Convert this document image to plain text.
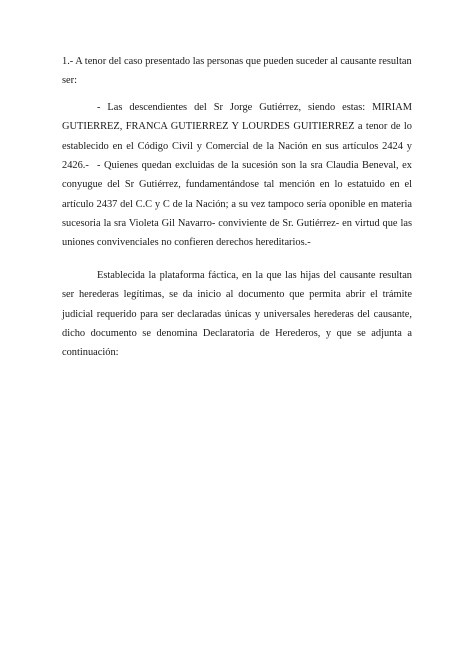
1.- A tenor del caso presentado las personas que pueden suceder al causante resultan ser:

- Las descendientes del Sr Jorge Gutiérrez, siendo estas: MIRIAM GUTIERREZ, FRANCA GUTIERREZ Y LOURDES GUITIERREZ a tenor de lo establecido en el Código Civil y Comercial de la Nación en sus artículos 2424 y 2426.- - Quienes quedan excluidas de la sucesión son la sra Claudia Beneval, ex conyugue del Sr Gutiérrez, fundamentándose tal mención en lo estatuido en el artículo 2437 del C.C y C de la Nación; a su vez tampoco sería oponible en materia sucesoria la sra Violeta Gil Navarro- conviviente de Sr. Gutiérrez- en virtud que las uniones convivenciales no confieren derechos hereditarios.-

Establecida la plataforma fáctica, en la que las hijas del causante resultan ser herederas legítimas, se da inicio al documento que permita abrir el trámite judicial requerido para ser declaradas únicas y universales herederas del causante, dicho documento se denomina Declaratoria de Herederos, y que se adjunta a continuación:
